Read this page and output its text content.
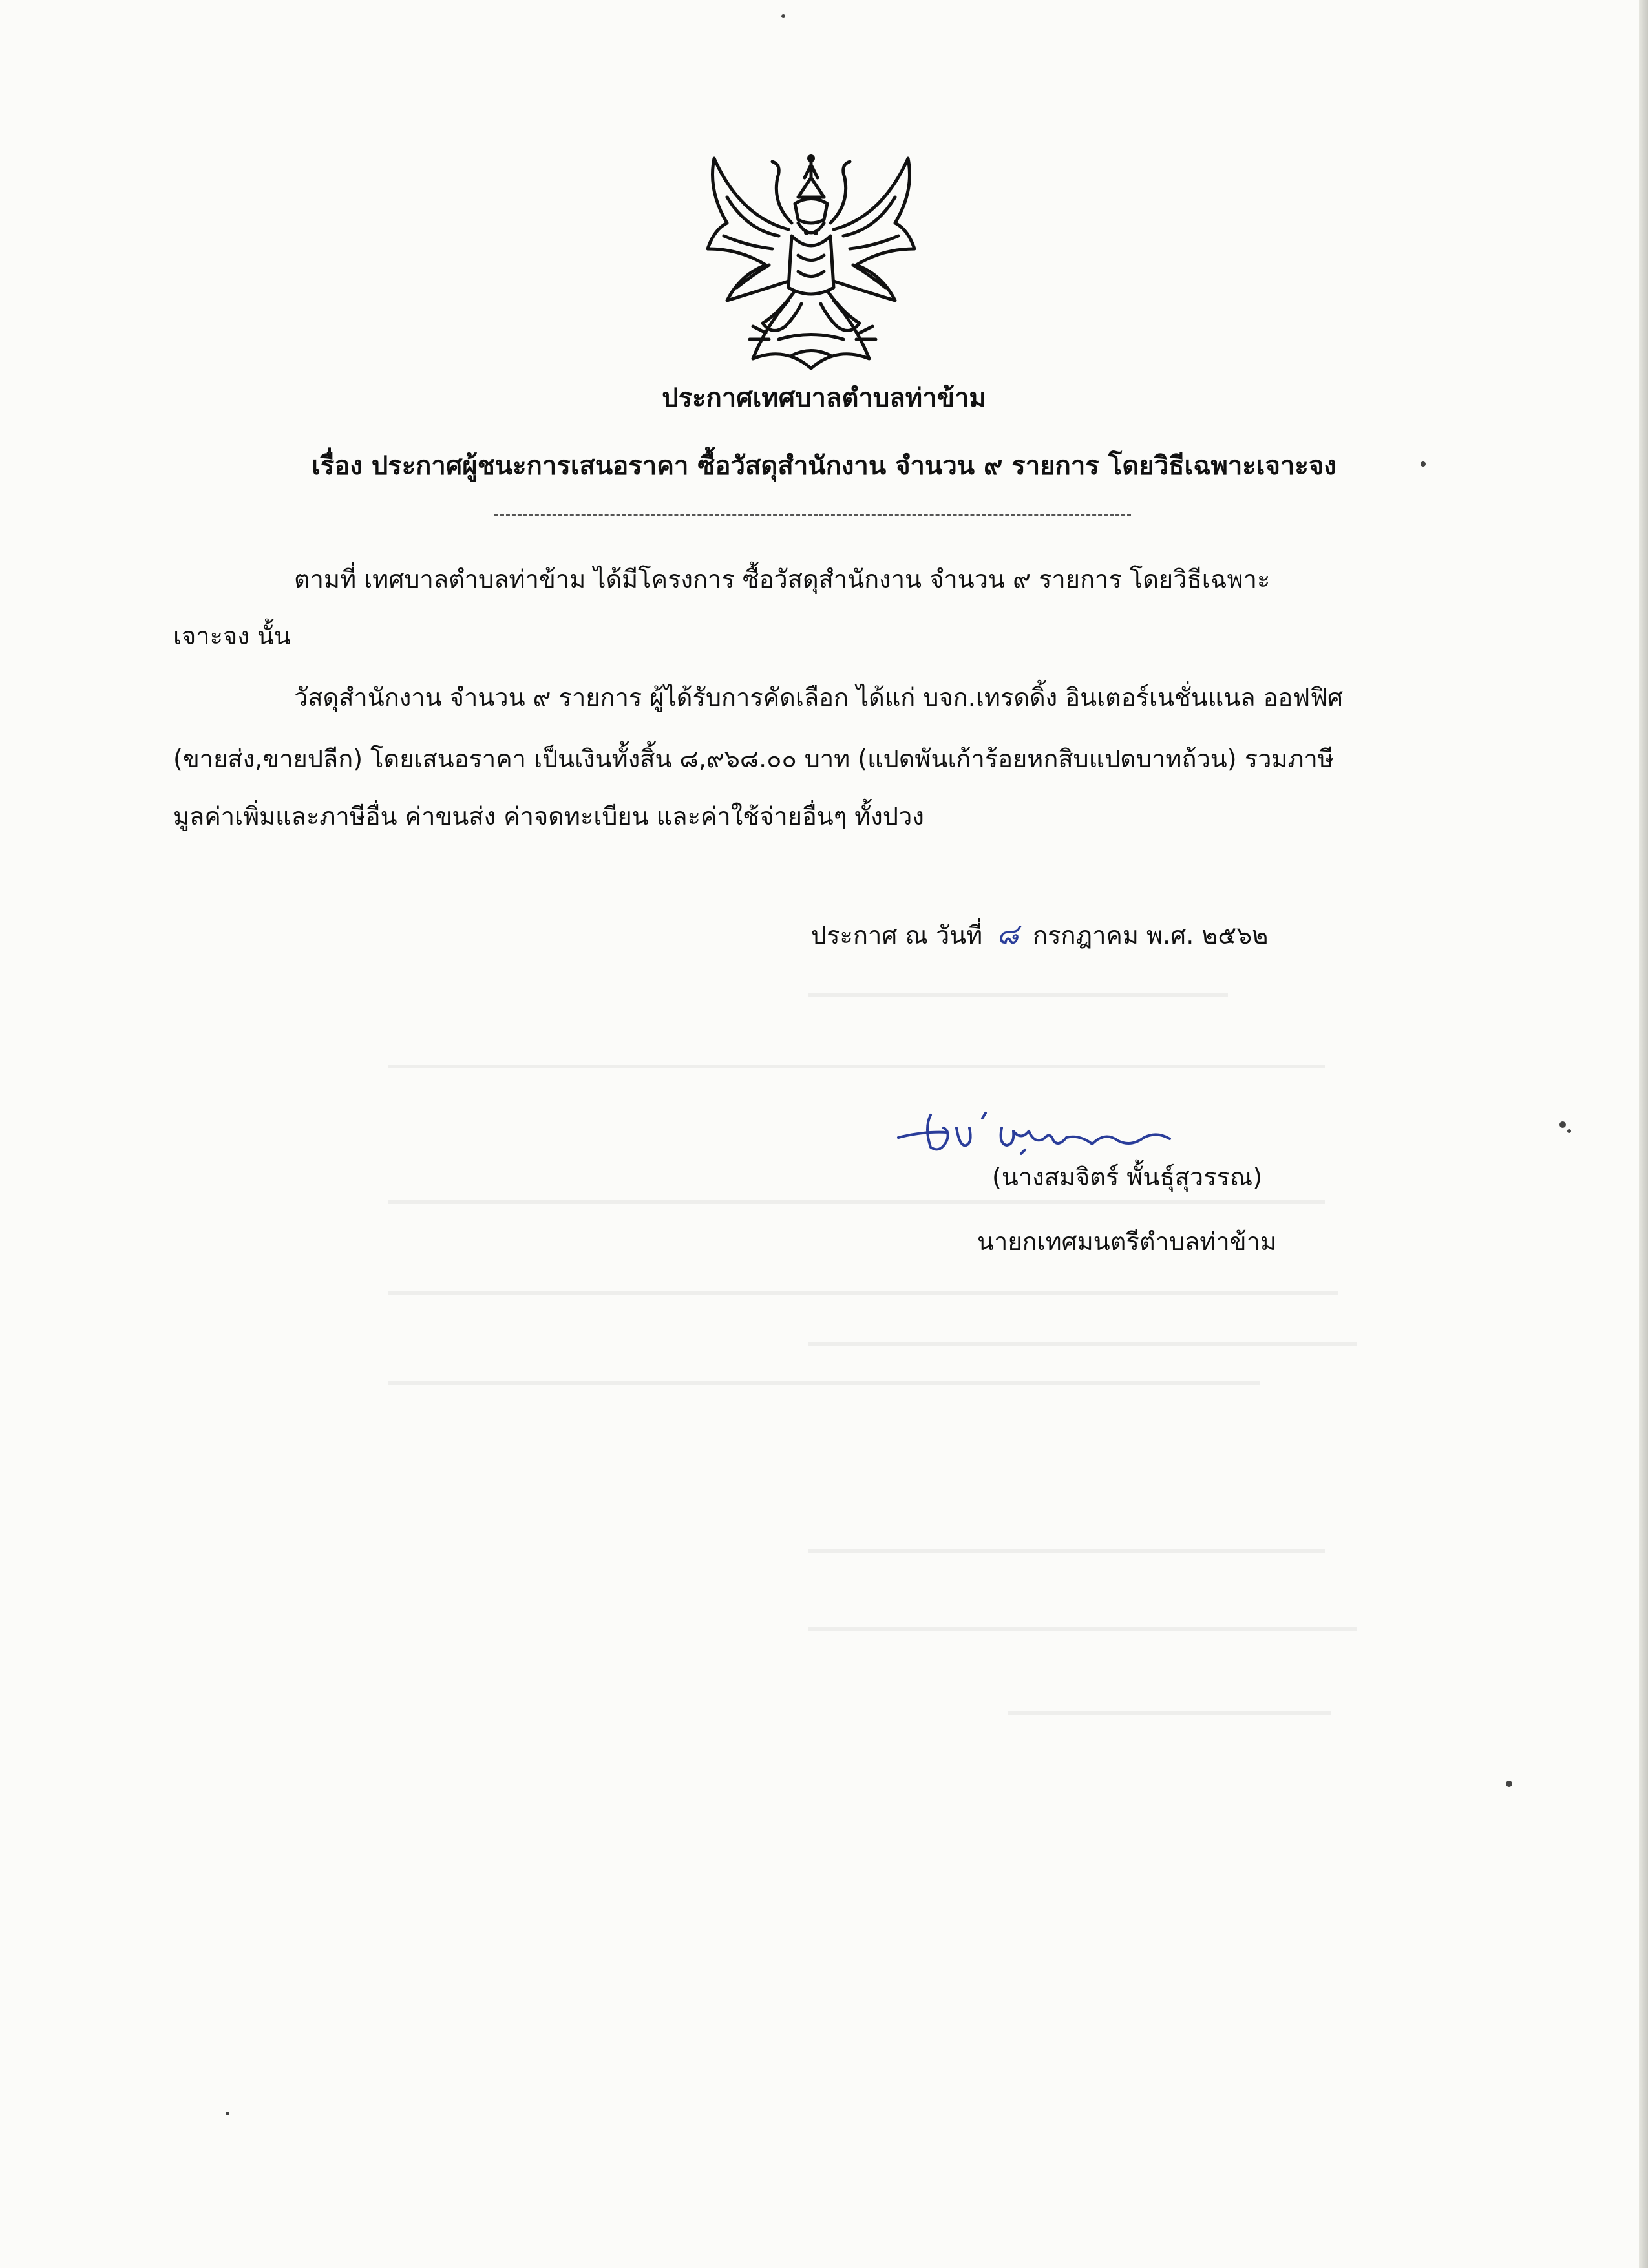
ประกาศเทศบาลตำบลท่าข้าม
เรื่อง ประกาศผู้ชนะการเสนอราคา ซื้อวัสดุสำนักงาน จำนวน ๙ รายการ โดยวิธีเฉพาะเจาะจง
ตามที่ เทศบาลตำบลท่าข้าม ได้มีโครงการ ซื้อวัสดุสำนักงาน จำนวน ๙ รายการ โดยวิธีเฉพาะ
เจาะจง นั้น
วัสดุสำนักงาน จำนวน ๙ รายการ ผู้ได้รับการคัดเลือก ได้แก่ บจก.เทรดดิ้ง อินเตอร์เนชั่นแนล ออฟฟิศ
(ขายส่ง,ขายปลีก) โดยเสนอราคา เป็นเงินทั้งสิ้น ๘,๙๖๘.๐๐ บาท (แปดพันเก้าร้อยหกสิบแปดบาทถ้วน) รวมภาษี
มูลค่าเพิ่มและภาษีอื่น ค่าขนส่ง ค่าจดทะเบียน และค่าใช้จ่ายอื่นๆ ทั้งปวง
ประกาศ ณ วันที่ ๘ กรกฎาคม พ.ศ. ๒๕๖๒
(นางสมจิตร์ พั้นธุ์สุวรรณ)
นายกเทศมนตรีตำบลท่าข้าม
